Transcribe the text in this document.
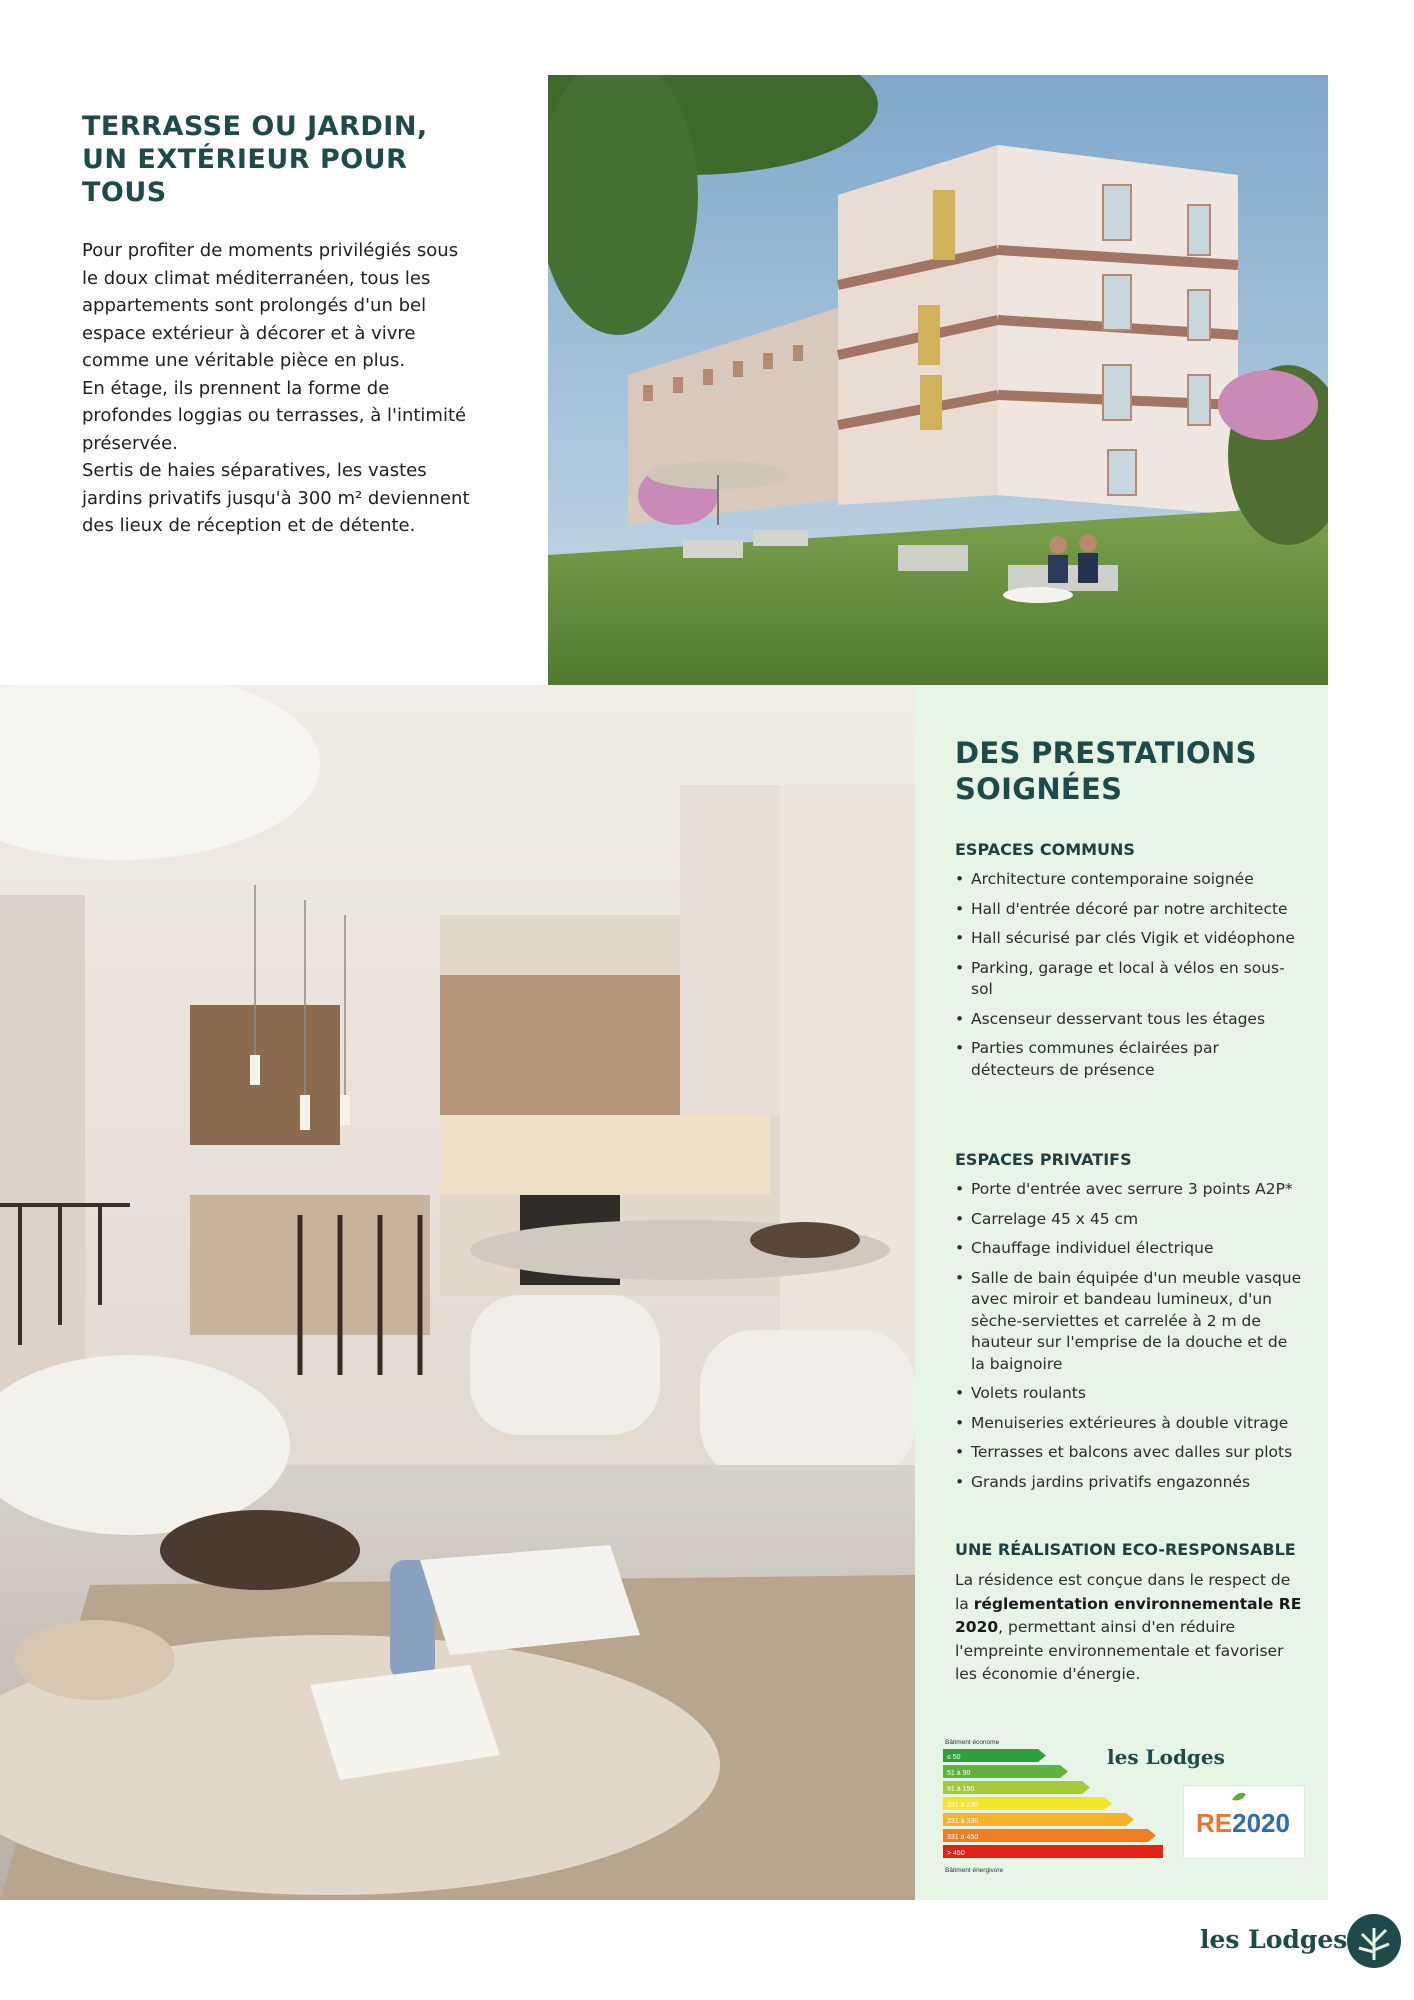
TERRASSE OU JARDIN, UN EXTÉRIEUR POUR TOUS

Pour profiter de moments privilégiés sous le doux climat méditerranéen, tous les appartements sont prolongés d'un bel espace extérieur à décorer et à vivre comme une véritable pièce en plus.

En étage, ils prennent la forme de profondes loggias ou terrasses, à l'intimité préservée.

Sertis de haies séparatives, les vastes jardins privatifs jusqu'à 300 m² deviennent des lieux de réception et de détente.

DES PRESTATIONS SOIGNÉES
ESPACES COMMUNS
• Architecture contemporaine soignée
• Hall d'entrée décoré par notre architecte
• Hall sécurisé par clés Vigik et vidéophone
• Parking, garage et local à vélos en sous-sol
• Ascenseur desservant tous les étages
• Parties communes éclairées par détecteurs de présence
ESPACES PRIVATIFS
• Porte d'entrée avec serrure 3 points A2P*
• Carrelage 45 x 45 cm
• Chauffage individuel électrique
• Salle de bain équipée d'un meuble vasque avec miroir et bandeau lumineux, d'un sèche-serviettes et carrelée à 2 m de hauteur sur l'emprise de la douche et de la baignoire
• Volets roulants
• Menuiseries extérieures à double vitrage
• Terrasses et balcons avec dalles sur plots
• Grands jardins privatifs engazonnés
UNE RÉALISATION ECO-RESPONSABLE

La résidence est conçue dans le respect de la réglementation environnementale RE 2020, permettant ainsi d'en réduire l'empreinte environnementale et favoriser les économie d'énergie.

Bâtiment économe
≤ 50
51 à 90
91 à 150
151 à 230
231 à 330
331 à 450
> 450
Bâtiment énergivore
les Lodges
RE2020
les Lodges
